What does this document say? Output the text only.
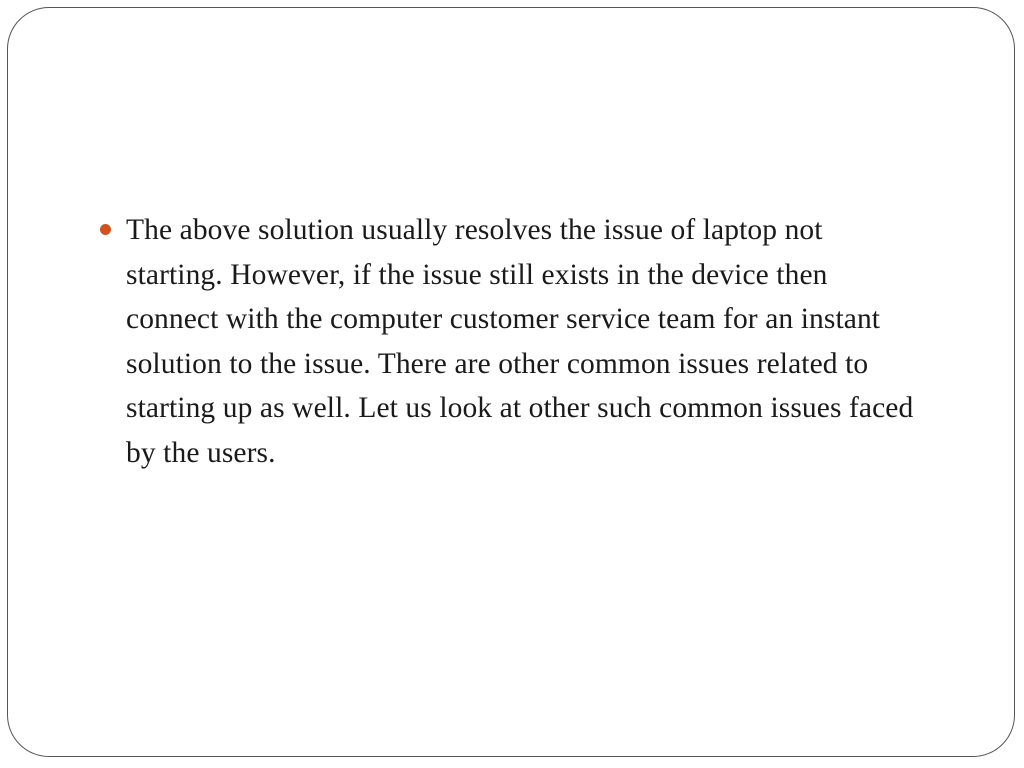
The above solution usually resolves the issue of laptop not starting. However, if the issue still exists in the device then connect with the computer customer service team for an instant solution to the issue. There are other common issues related to starting up as well. Let us look at other such common issues faced by the users.
